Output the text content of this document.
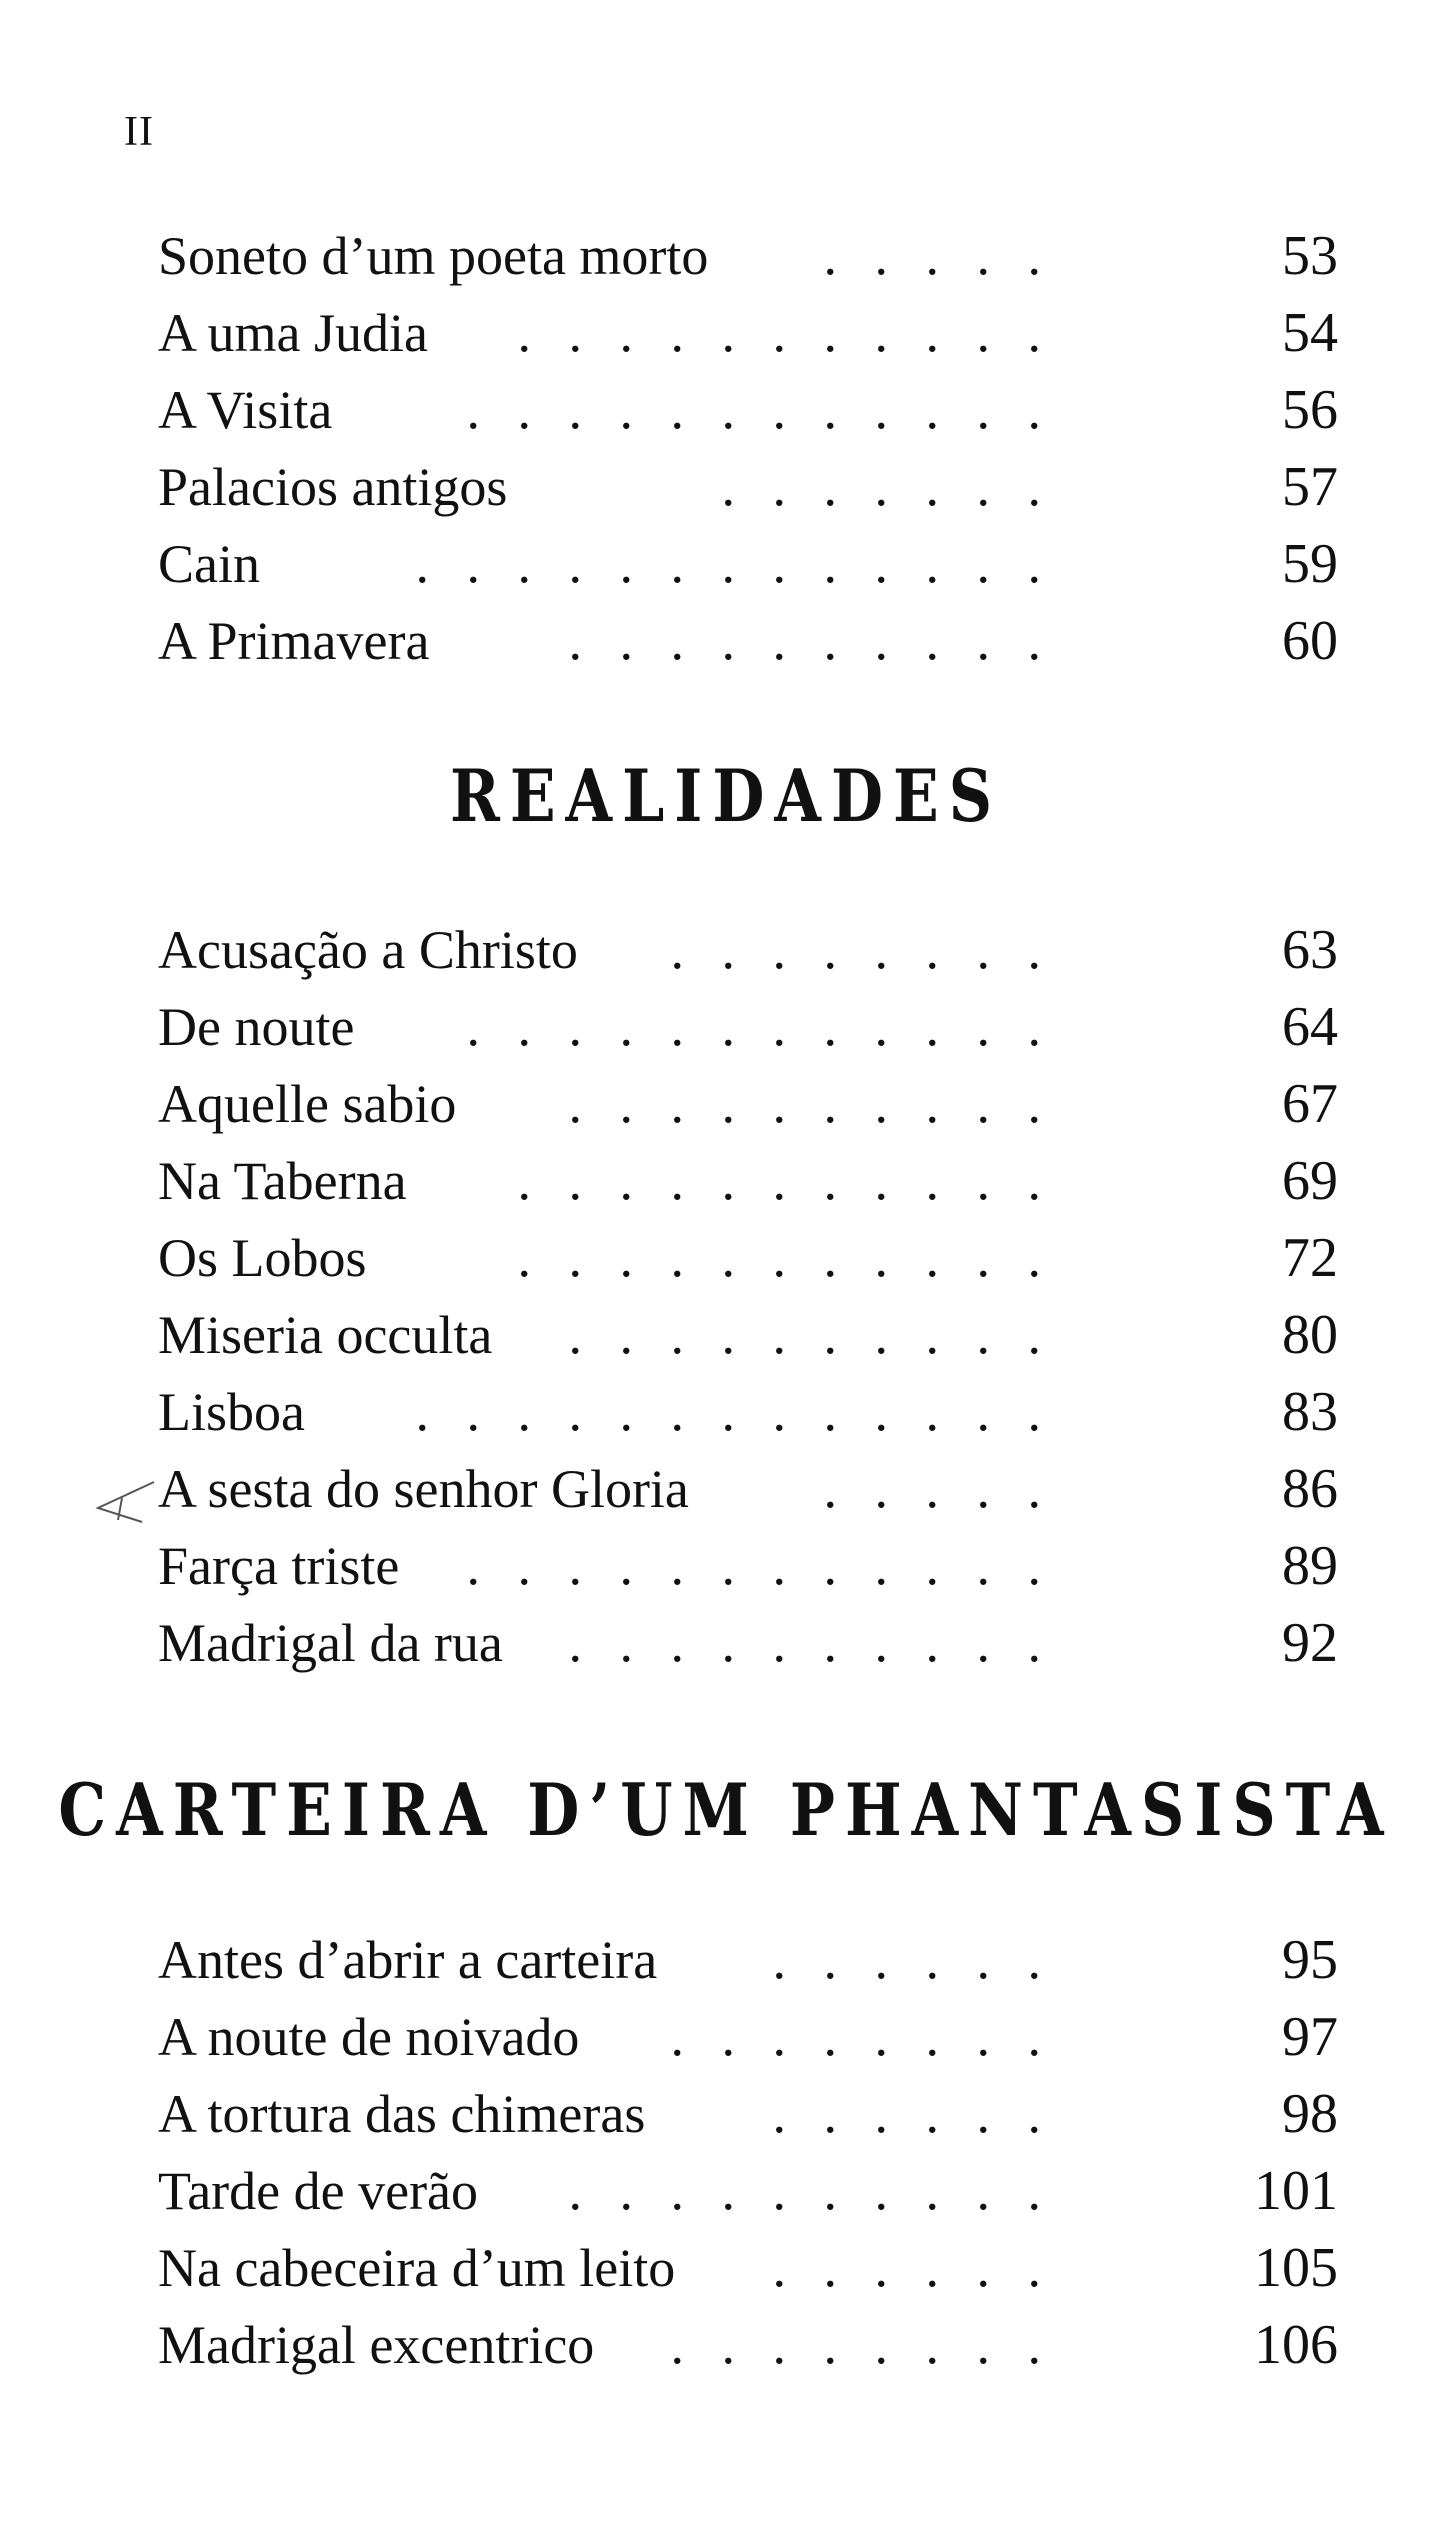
II
Soneto d’um poeta morto . . . . .	53
A uma Judia . . . . . . . . . . .	54
A Visita . . . . . . . . . . . .	56
Palacios antigos	. . . . . . .	57
Cain	. . . . . . . . . . . . .	59
A Primavera	. . . . . . . . . .	60
REALIDADES
Acusação a Christo . . . . . . . .	63
De noute . . . . . . . . . . . .	64
Aquelle sabio . . . . . . . . . .	67
Na Taberna . . . . . . . . . . .	69
Os Lobos	. . . . . . . . . . .	72
Miseria occulta . . . . . . . . . .	80
Lisboa . . . . . . . . . . . . .	83
A sesta do senhor Gloria . . . . .	86
Farça triste . . . . . . . . . . . .	89
Madrigal da rua . . . . . . . . . .	92
CARTEIRA D’UM PHANTASISTA
Antes d’abrir a carteira . . . . . .	95
A noute de noivado . . . . . . . .	97
A tortura das chimeras . . . . . .	98
Tarde de verão . . . . . . . . . .	101
Na cabeceira d’um leito . . . . . .	105
Madrigal excentrico . . . . . . . .	106
